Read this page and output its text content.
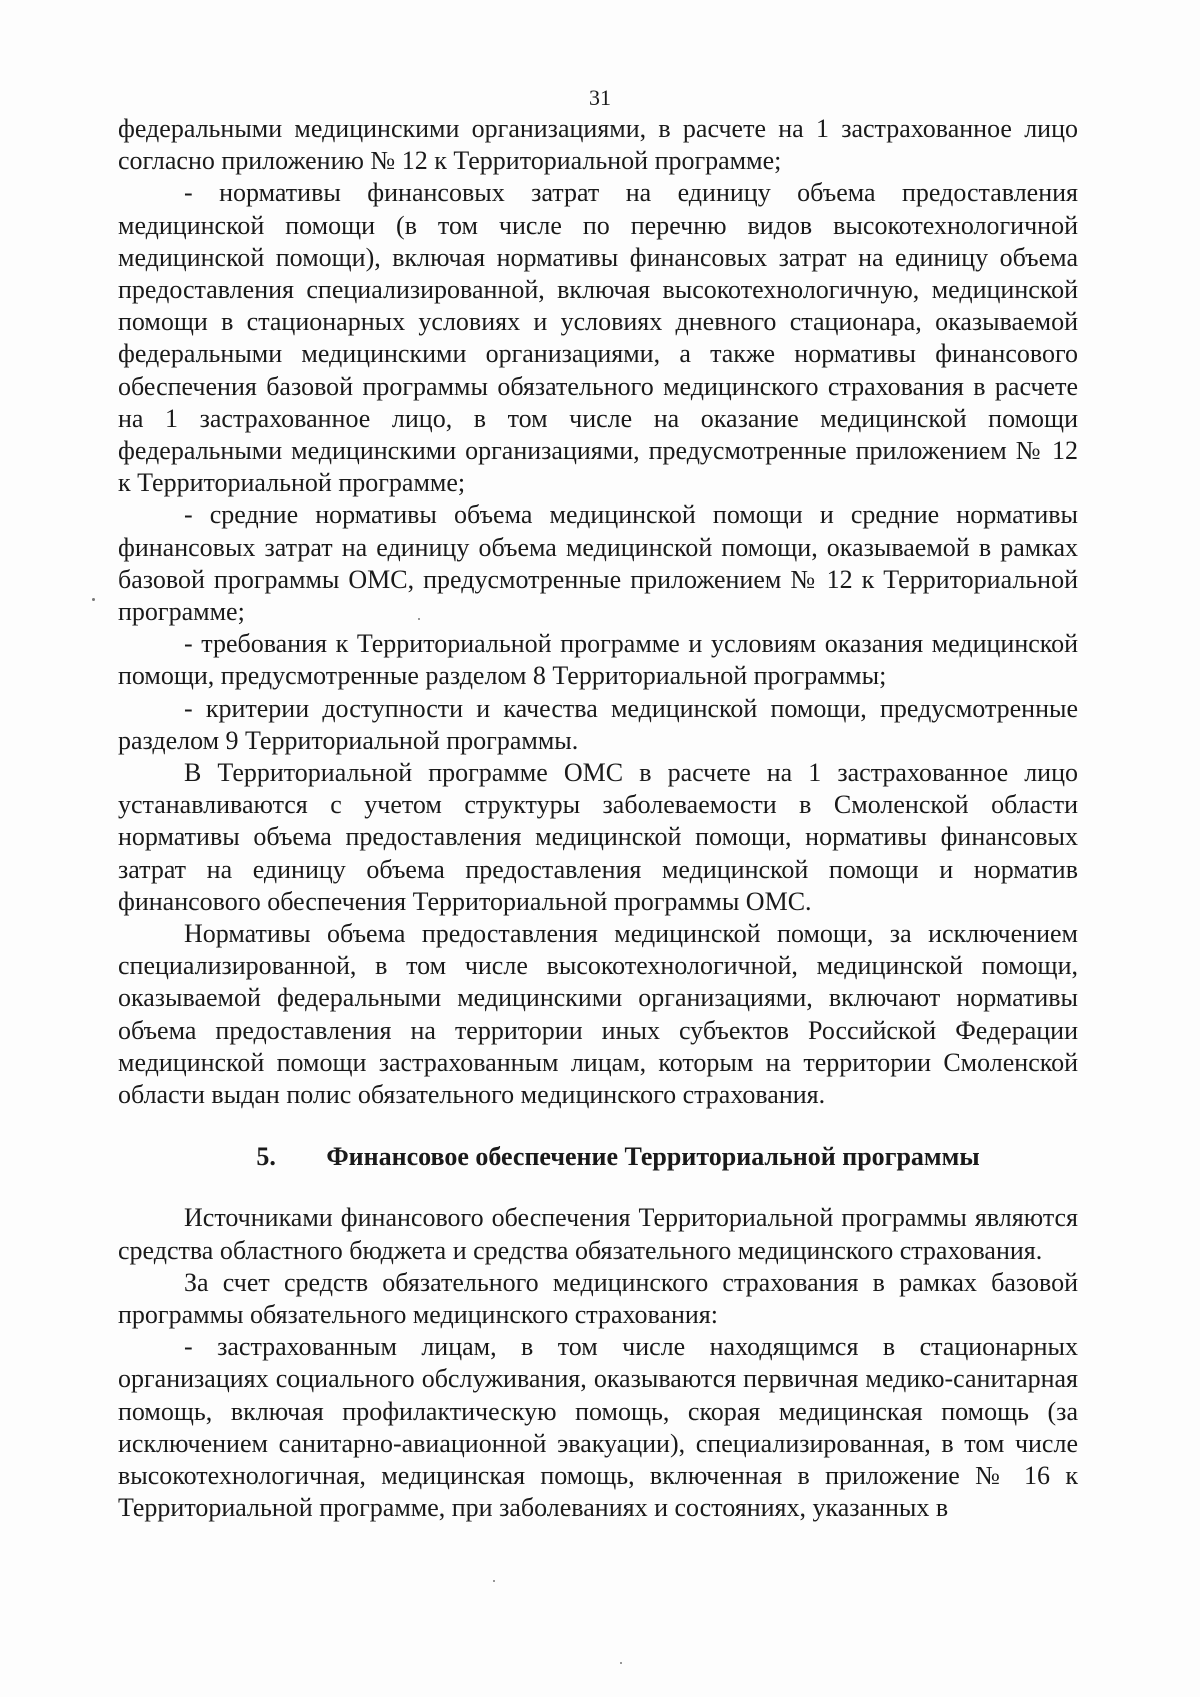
31

федеральными медицинскими организациями, в расчете на 1 застрахованное лицо согласно приложению № 12 к Территориальной программе;

- нормативы финансовых затрат на единицу объема предоставления медицинской помощи (в том числе по перечню видов высокотехнологичной медицинской помощи), включая нормативы финансовых затрат на единицу объема предоставления специализированной, включая высокотехнологичную, медицинской помощи в стационарных условиях и условиях дневного стационара, оказываемой федеральными медицинскими организациями, а также нормативы финансового обеспечения базовой программы обязательного медицинского страхования в расчете на 1 застрахованное лицо, в том числе на оказание медицинской помощи федеральными медицинскими организациями, предусмотренные приложением № 12 к Территориальной программе;

- средние нормативы объема медицинской помощи и средние нормативы финансовых затрат на единицу объема медицинской помощи, оказываемой в рамках базовой программы ОМС, предусмотренные приложением № 12 к Территориальной программе;

- требования к Территориальной программе и условиям оказания медицинской помощи, предусмотренные разделом 8 Территориальной программы;

- критерии доступности и качества медицинской помощи, предусмотренные разделом 9 Территориальной программы.

В Территориальной программе ОМС в расчете на 1 застрахованное лицо устанавливаются с учетом структуры заболеваемости в Смоленской области нормативы объема предоставления медицинской помощи, нормативы финансовых затрат на единицу объема предоставления медицинской помощи и норматив финансового обеспечения Территориальной программы ОМС.

Нормативы объема предоставления медицинской помощи, за исключением специализированной, в том числе высокотехнологичной, медицинской помощи, оказываемой федеральными медицинскими организациями, включают нормативы объема предоставления на территории иных субъектов Российской Федерации медицинской помощи застрахованным лицам, которым на территории Смоленской области выдан полис обязательного медицинского страхования.

5. Финансовое обеспечение Территориальной программы

Источниками финансового обеспечения Территориальной программы являются средства областного бюджета и средства обязательного медицинского страхования.

За счет средств обязательного медицинского страхования в рамках базовой программы обязательного медицинского страхования:

- застрахованным лицам, в том числе находящимся в стационарных организациях социального обслуживания, оказываются первичная медико-санитарная помощь, включая профилактическую помощь, скорая медицинская помощь (за исключением санитарно-авиационной эвакуации), специализированная, в том числе высокотехнологичная, медицинская помощь, включенная в приложение № 16 к Территориальной программе, при заболеваниях и состояниях, указанных в
